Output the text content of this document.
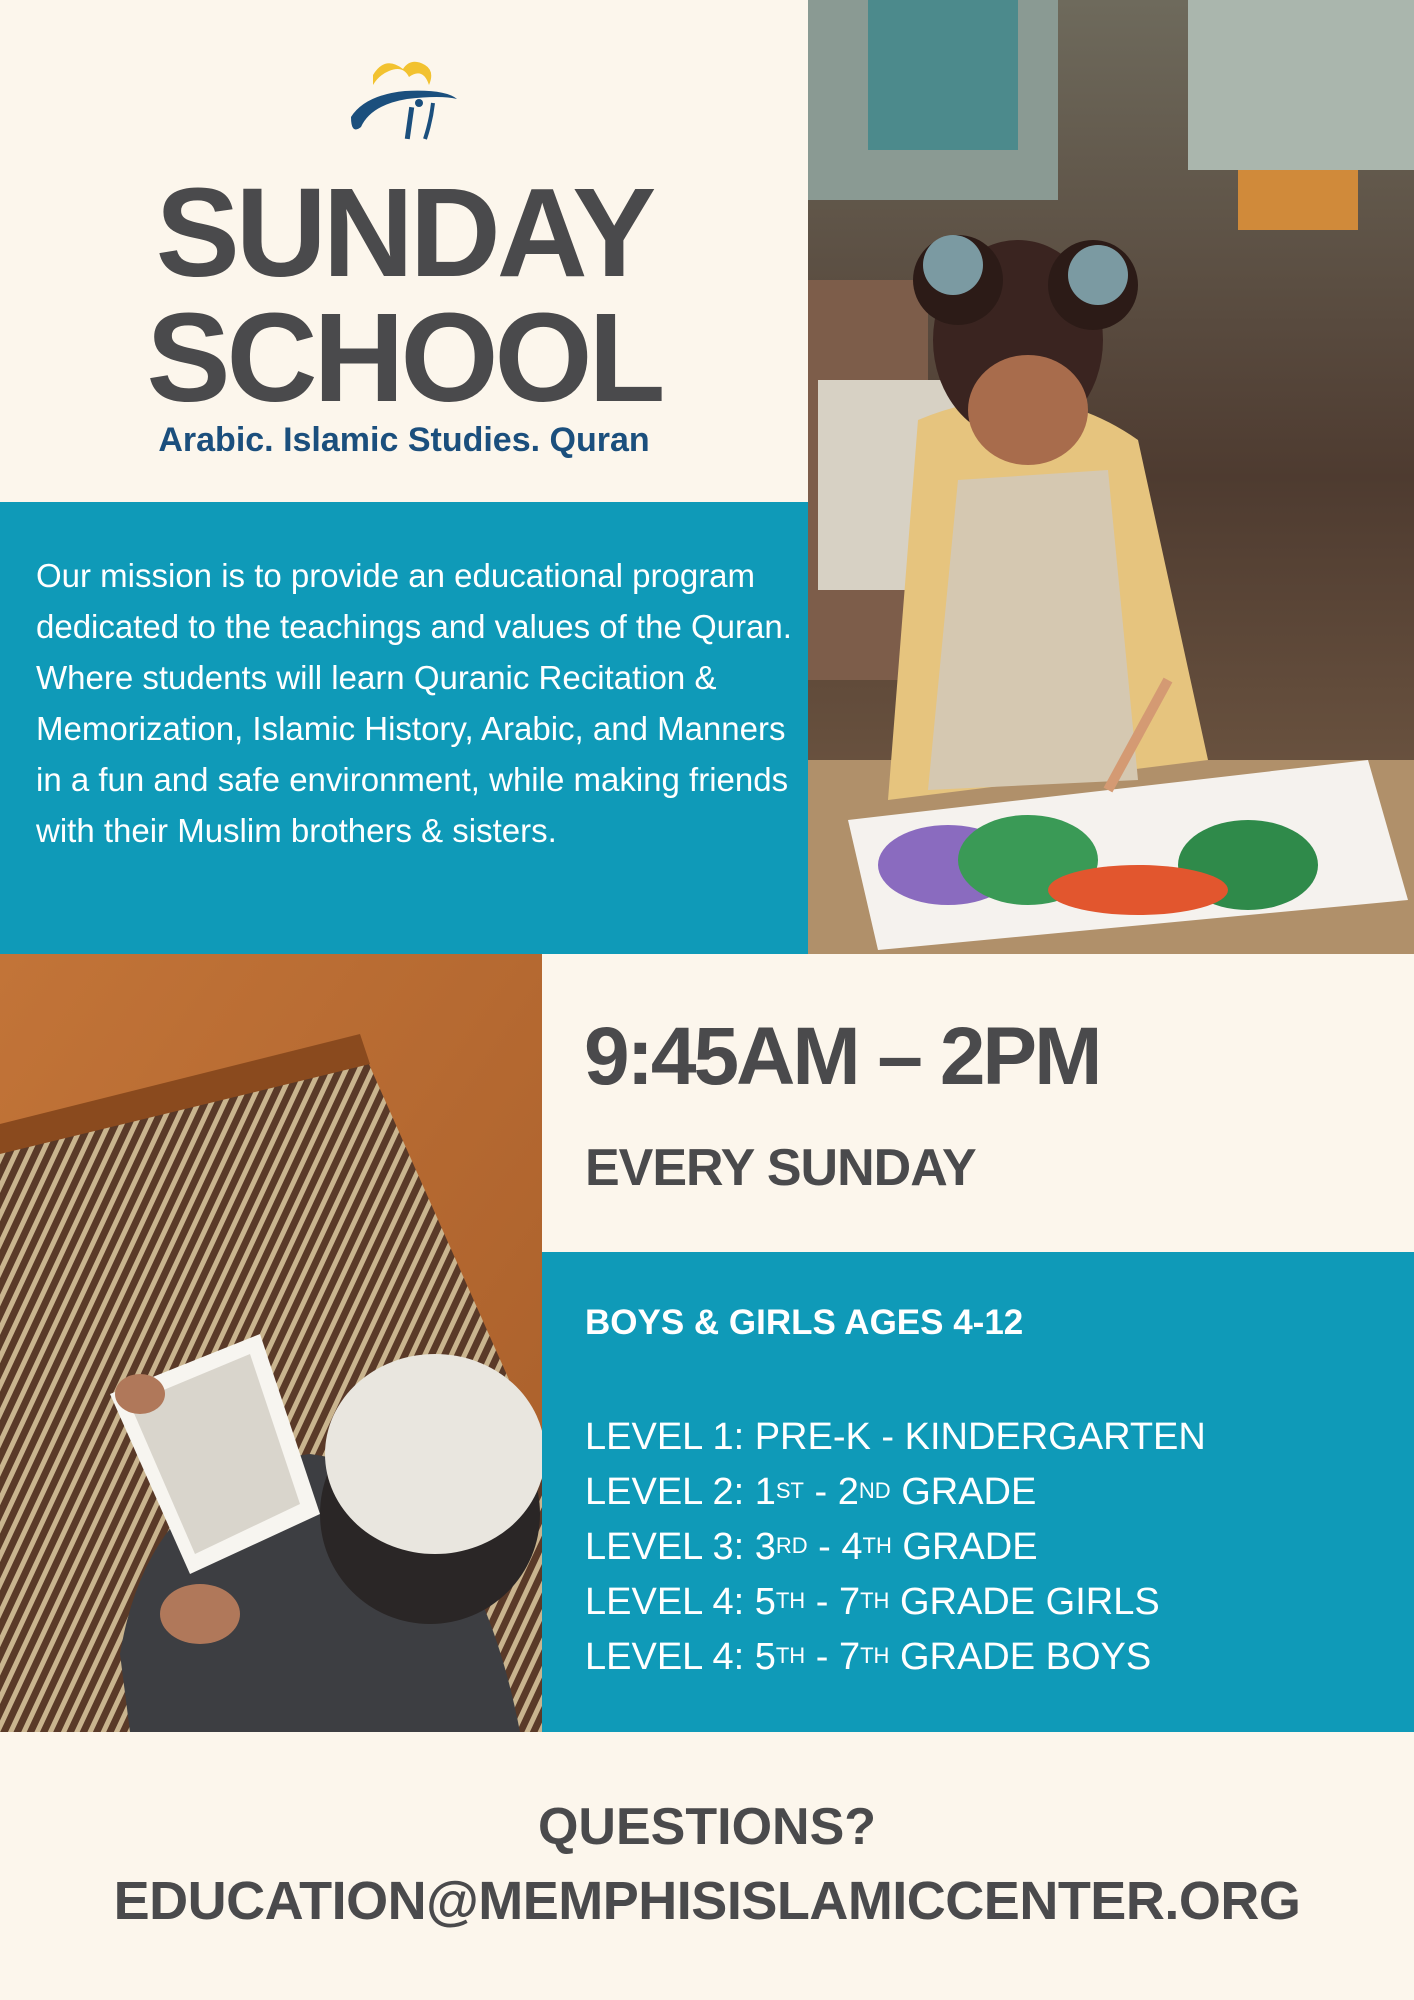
SUNDAY
SCHOOL
Arabic. Islamic Studies. Quran
Our mission is to provide an educational program dedicated to the teachings and values of the Quran. Where students will learn Quranic Recitation & Memorization, Islamic History, Arabic, and Manners in a fun and safe environment, while making friends with their Muslim brothers & sisters.
9:45AM – 2PM
EVERY SUNDAY
BOYS & GIRLS AGES 4-12
LEVEL 1: PRE-K - KINDERGARTEN
LEVEL 2: 1ST - 2ND GRADE
LEVEL 3: 3RD - 4TH GRADE
LEVEL 4: 5TH - 7TH GRADE GIRLS
LEVEL 4: 5TH - 7TH GRADE BOYS
QUESTIONS?
EDUCATION@MEMPHISISLAMICCENTER.ORG
